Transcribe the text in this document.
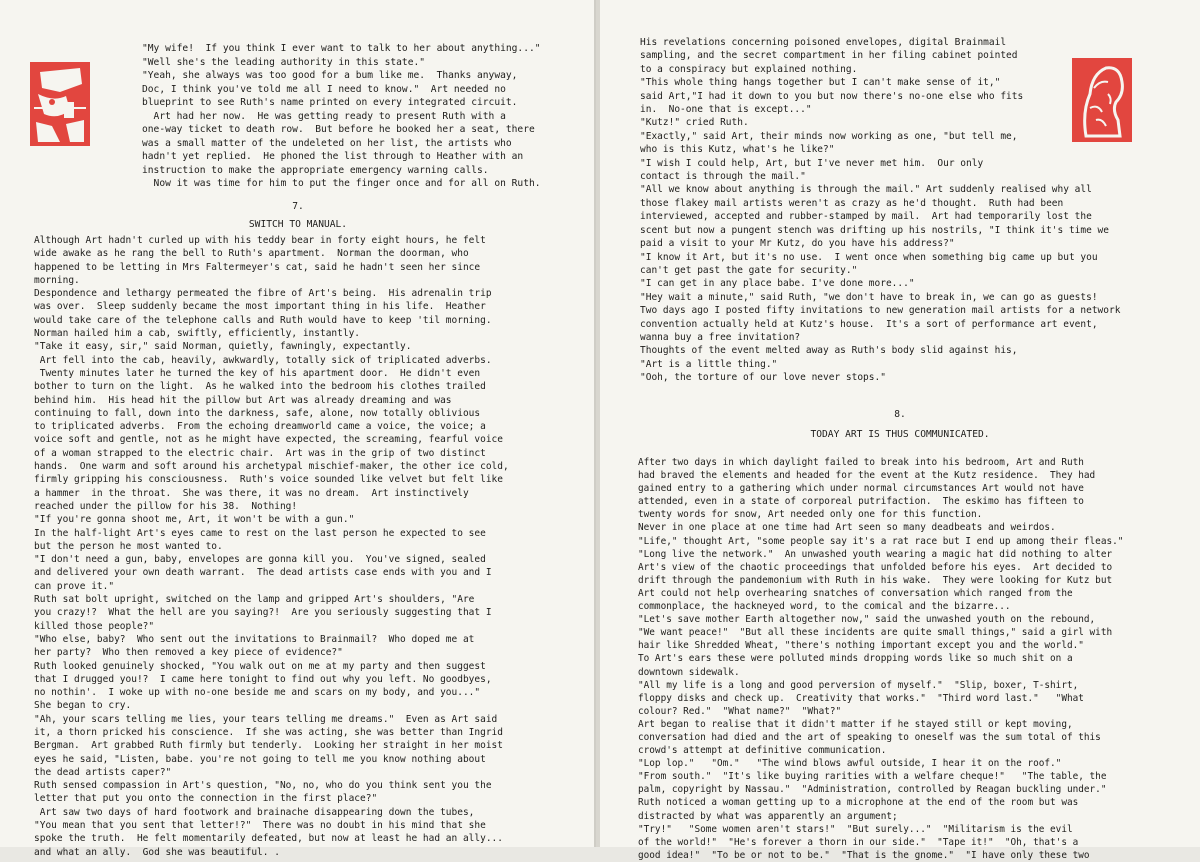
"My wife!  If you think I ever want to talk to her about anything..."
"Well she's the leading authority in this state."
"Yeah, she always was too good for a bum like me.  Thanks anyway,
Doc, I think you've told me all I need to know."  Art needed no
blueprint to see Ruth's name printed on every integrated circuit.
Art had her now.  He was getting ready to present Ruth with a
one-way ticket to death row.  But before he booked her a seat, there
was a small matter of the undeleted on her list, the artists who
hadn't yet replied.  He phoned the list through to Heather with an
instruction to make the appropriate emergency warning calls.
Now it was time for him to put the finger once and for all on Ruth.

7.

SWITCH TO MANUAL.

Although Art hadn't curled up with his teddy bear in forty eight hours, he felt
wide awake as he rang the bell to Ruth's apartment.  Norman the doorman, who
happened to be letting in Mrs Faltermeyer's cat, said he hadn't seen her since
morning.
Despondence and lethargy permeated the fibre of Art's being.  His adrenalin trip
was over.  Sleep suddenly became the most important thing in his life.  Heather
would take care of the telephone calls and Ruth would have to keep 'til morning.
Norman hailed him a cab, swiftly, efficiently, instantly.
"Take it easy, sir," said Norman, quietly, fawningly, expectantly.
Art fell into the cab, heavily, awkwardly, totally sick of triplicated adverbs.
Twenty minutes later he turned the key of his apartment door.  He didn't even
bother to turn on the light.  As he walked into the bedroom his clothes trailed
behind him.  His head hit the pillow but Art was already dreaming and was
continuing to fall, down into the darkness, safe, alone, now totally oblivious
to triplicated adverbs.  From the echoing dreamworld came a voice, the voice; a
voice soft and gentle, not as he might have expected, the screaming, fearful voice
of a woman strapped to the electric chair.  Art was in the grip of two distinct
hands.  One warm and soft around his archetypal mischief-maker, the other ice cold,
firmly gripping his consciousness.  Ruth's voice sounded like velvet but felt like
a hammer  in the throat.  She was there, it was no dream.  Art instinctively
reached under the pillow for his 38.  Nothing!
"If you're gonna shoot me, Art, it won't be with a gun."
In the half-light Art's eyes came to rest on the last person he expected to see
but the person he most wanted to.
"I don't need a gun, baby, envelopes are gonna kill you.  You've signed, sealed
and delivered your own death warrant.  The dead artists case ends with you and I
can prove it."
Ruth sat bolt upright, switched on the lamp and gripped Art's shoulders, "Are
you crazy!?  What the hell are you saying?!  Are you seriously suggesting that I
killed those people?"
"Who else, baby?  Who sent out the invitations to Brainmail?  Who doped me at
her party?  Who then removed a key piece of evidence?"
Ruth looked genuinely shocked, "You walk out on me at my party and then suggest
that I drugged you!?  I came here tonight to find out why you left. No goodbyes,
no nothin'.  I woke up with no-one beside me and scars on my body, and you..."
She began to cry.
"Ah, your scars telling me lies, your tears telling me dreams."  Even as Art said
it, a thorn pricked his conscience.  If she was acting, she was better than Ingrid
Bergman.  Art grabbed Ruth firmly but tenderly.  Looking her straight in her moist
eyes he said, "Listen, babe. you're not going to tell me you know nothing about
the dead artists caper?"
Ruth sensed compassion in Art's question, "No, no, who do you think sent you the
letter that put you onto the connection in the first place?"
Art saw two days of hard footwork and brainache disappearing down the tubes,
"You mean that you sent that letter!?"  There was no doubt in his mind that she
spoke the truth.  He felt momentarily defeated, but now at least he had an ally...
and what an ally.  God she was beautiful. .

His revelations concerning poisoned envelopes, digital Brainmail
sampling, and the secret compartment in her filing cabinet pointed
to a conspiracy but explained nothing.
"This whole thing hangs together but I can't make sense of it,"
said Art,"I had it down to you but now there's no-one else who fits
in.  No-one that is except..."
"Kutz!" cried Ruth.
"Exactly," said Art, their minds now working as one, "but tell me,
who is this Kutz, what's he like?"
"I wish I could help, Art, but I've never met him.  Our only
contact is through the mail."
"All we know about anything is through the mail." Art suddenly realised why all
those flakey mail artists weren't as crazy as he'd thought.  Ruth had been
interviewed, accepted and rubber-stamped by mail.  Art had temporarily lost the
scent but now a pungent stench was drifting up his nostrils, "I think it's time we
paid a visit to your Mr Kutz, do you have his address?"
"I know it Art, but it's no use.  I went once when something big came up but you
can't get past the gate for security."
"I can get in any place babe. I've done more..."
"Hey wait a minute," said Ruth, "we don't have to break in, we can go as guests!
Two days ago I posted fifty invitations to new generation mail artists for a network
convention actually held at Kutz's house.  It's a sort of performance art event,
wanna buy a free invitation?
Thoughts of the event melted away as Ruth's body slid against his,
"Art is a little thing."
"Ooh, the torture of our love never stops."

8.

TODAY ART IS THUS COMMUNICATED.

After two days in which daylight failed to break into his bedroom, Art and Ruth
had braved the elements and headed for the event at the Kutz residence.  They had
gained entry to a gathering which under normal circumstances Art would not have
attended, even in a state of corporeal putrifaction.  The eskimo has fifteen to
twenty words for snow, Art needed only one for this function.
Never in one place at one time had Art seen so many deadbeats and weirdos.
"Life," thought Art, "some people say it's a rat race but I end up among their fleas."
"Long live the network."  An unwashed youth wearing a magic hat did nothing to alter
Art's view of the chaotic proceedings that unfolded before his eyes.  Art decided to
drift through the pandemonium with Ruth in his wake.  They were looking for Kutz but
Art could not help overhearing snatches of conversation which ranged from the
commonplace, the hackneyed word, to the comical and the bizarre...
"Let's save mother Earth altogether now," said the unwashed youth on the rebound,
"We want peace!"  "But all these incidents are quite small things," said a girl with
hair like Shredded Wheat, "there's nothing important except you and the world."
To Art's ears these were polluted minds dropping words like so much shit on a
downtown sidewalk.
"All my life is a long and good perversion of myself."  "Slip, boxer, T-shirt,
floppy disks and check up.  Creativity that works."  "Third word last."   "What
colour? Red."  "What name?"  "What?"
Art began to realise that it didn't matter if he stayed still or kept moving,
conversation had died and the art of speaking to oneself was the sum total of this
crowd's attempt at definitive communication.
"Lop lop."   "Om."   "The wind blows awful outside, I hear it on the roof."
"From south."  "It's like buying rarities with a welfare cheque!"   "The table, the
palm, copyright by Nassau."  "Administration, controlled by Reagan buckling under."
Ruth noticed a woman getting up to a microphone at the end of the room but was
distracted by what was apparently an argument;
"Try!"   "Some women aren't stars!"  "But surely..."  "Militarism is the evil
of the world!"  "He's forever a thorn in our side."  "Tape it!"  "Oh, that's a
good idea!"  "To be or not to be."  "That is the gnome."  "I have only these two
